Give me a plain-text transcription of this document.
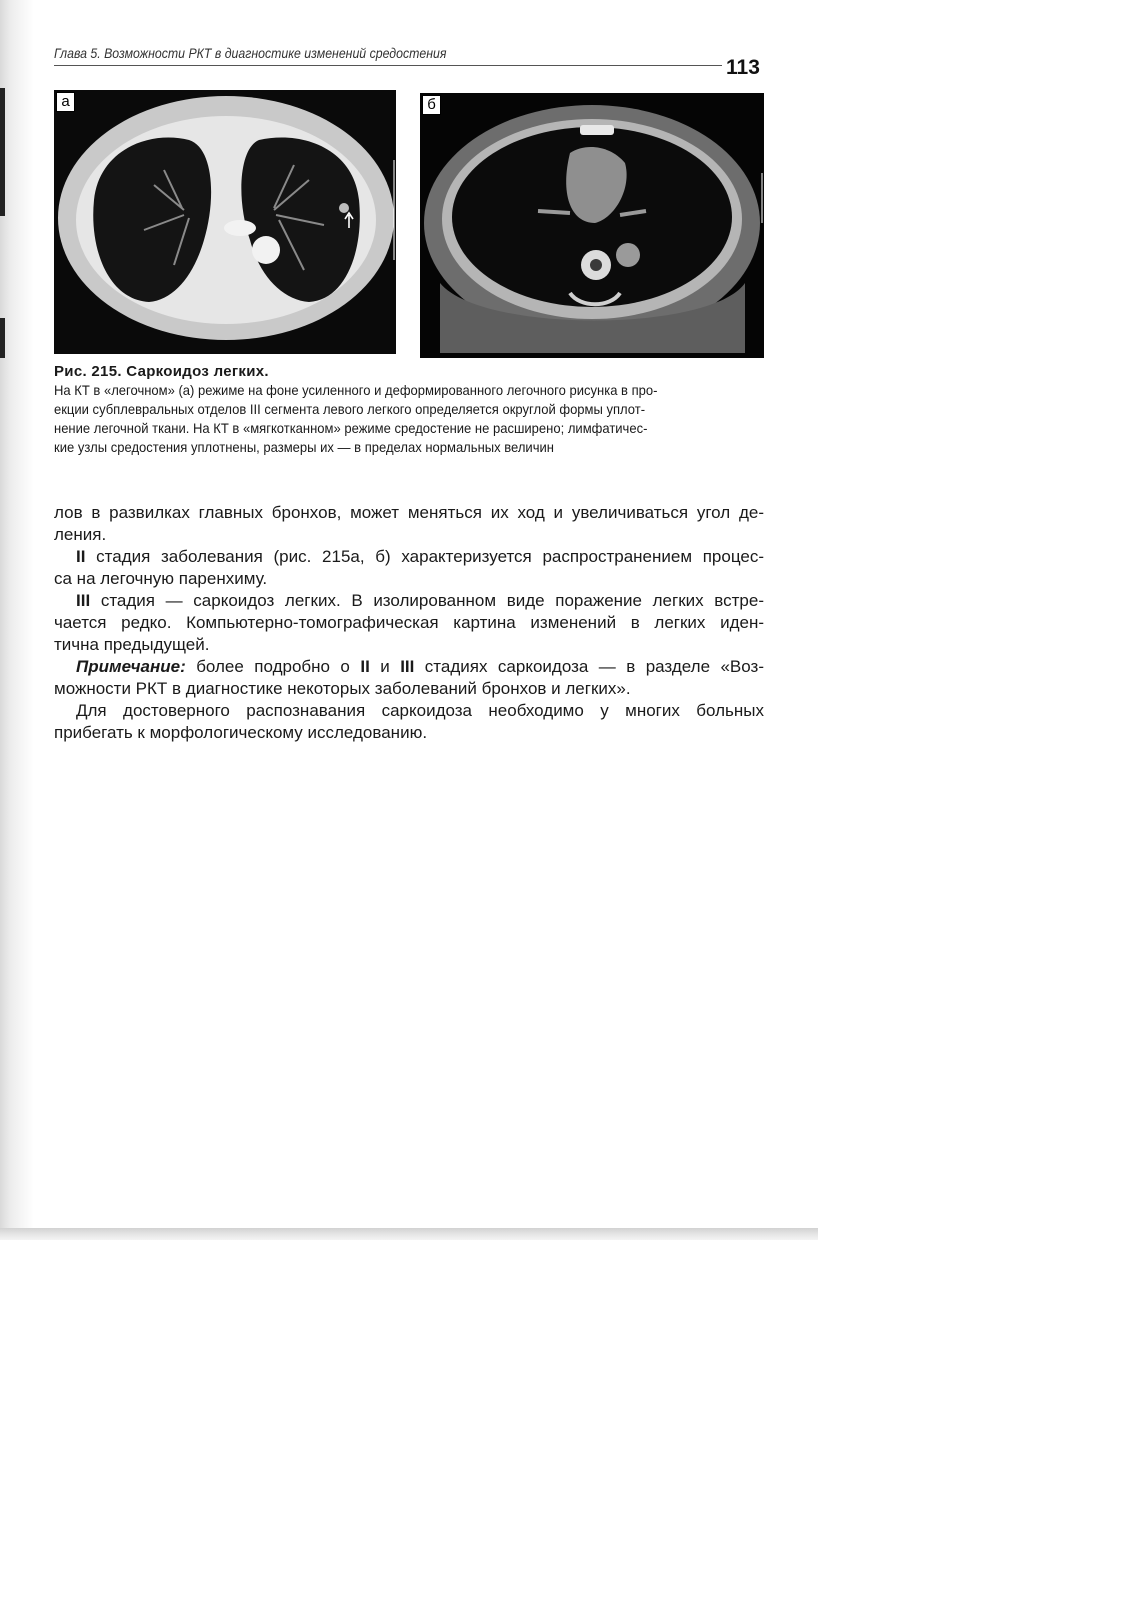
Глава 5. Возможности РКТ в диагностике изменений средостения
113
а	б
Рис. 215. Саркоидоз легких.
На КТ в «легочном» (а) режиме на фоне усиленного и деформированного легочного рисунка в про-
екции субплевральных отделов III сегмента левого легкого определяется округлой формы уплот-
нение легочной ткани. На КТ в «мягкотканном» режиме средостение не расширено; лимфатичес-
кие узлы средостения уплотнены, размеры их — в пределах нормальных величин
лов в развилках главных бронхов, может меняться их ход и увеличиваться угол де-
ления.
II стадия заболевания (рис. 215а, б) характеризуется распространением процес-
са на легочную паренхиму.
III стадия — саркоидоз легких. В изолированном виде поражение легких встре-
чается редко. Компьютерно-томографическая картина изменений в легких иден-
тична предыдущей.
Примечание: более подробно о II и III стадиях саркоидоза — в разделе «Воз-
можности РКТ в диагностике некоторых заболеваний бронхов и легких».
Для достоверного распознавания саркоидоза необходимо у многих больных
прибегать к морфологическому исследованию.
